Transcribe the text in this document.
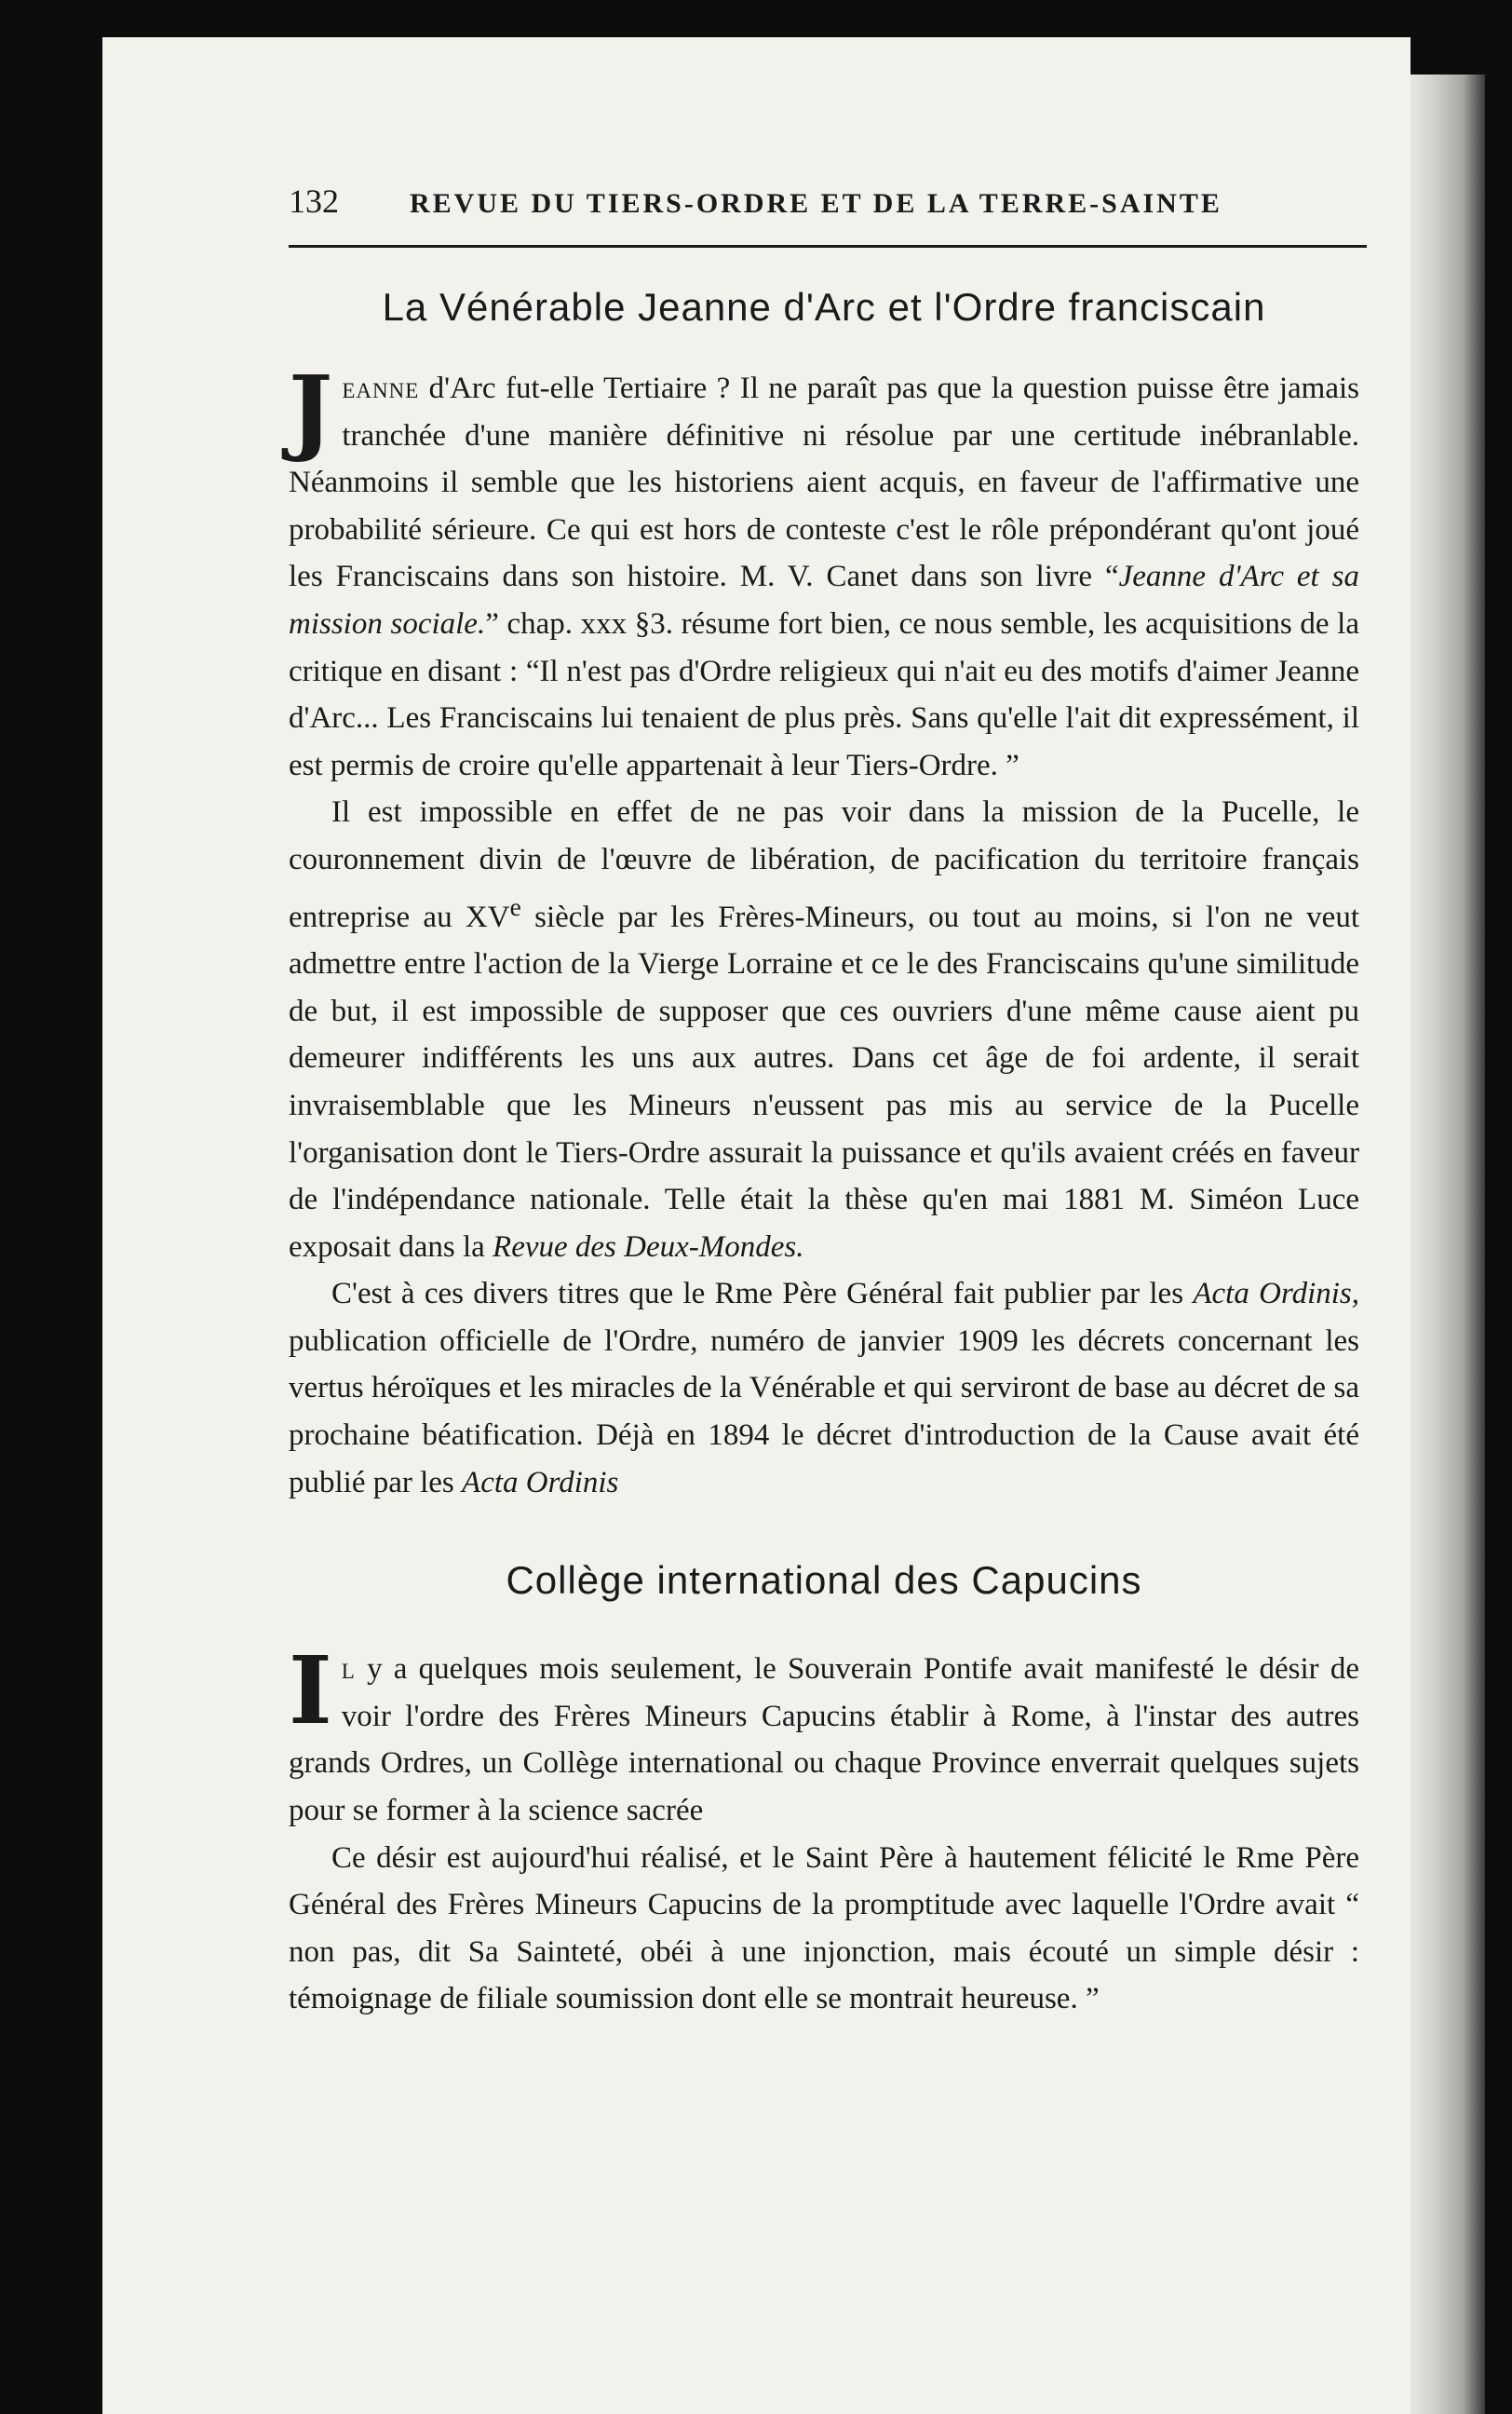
132	REVUE DU TIERS-ORDRE ET DE LA TERRE-SAINTE
La Vénérable Jeanne d'Arc et l'Ordre franciscain

Jeanne d'Arc fut-elle Tertiaire ? Il ne paraît pas que la question puisse être jamais tranchée d'une manière définitive ni résolue par une certitude inébranlable. Néanmoins il semble que les historiens aient acquis, en faveur de l'affirmative une probabilité sérieure. Ce qui est hors de conteste c'est le rôle prépondérant qu'ont joué les Franciscains dans son histoire. M. V. Canet dans son livre “Jeanne d'Arc et sa mission sociale.” chap. xxx §3. résume fort bien, ce nous semble, les acquisitions de la critique en disant : “Il n'est pas d'Ordre religieux qui n'ait eu des motifs d'aimer Jeanne d'Arc... Les Franciscains lui tenaient de plus près. Sans qu'elle l'ait dit expressément, il est permis de croire qu'elle appartenait à leur Tiers-Ordre. ”

Il est impossible en effet de ne pas voir dans la mission de la Pucelle, le couronnement divin de l'œuvre de libération, de pacification du territoire français entreprise au XVe siècle par les Frères-Mineurs, ou tout au moins, si l'on ne veut admettre entre l'action de la Vierge Lorraine et ce le des Franciscains qu'une similitude de but, il est impossible de supposer que ces ouvriers d'une même cause aient pu demeurer indifférents les uns aux autres. Dans cet âge de foi ardente, il serait invraisemblable que les Mineurs n'eussent pas mis au service de la Pucelle l'organisation dont le Tiers-Ordre assurait la puissance et qu'ils avaient créés en faveur de l'indépendance nationale. Telle était la thèse qu'en mai 1881 M. Siméon Luce exposait dans la Revue des Deux-Mondes.

C'est à ces divers titres que le Rme Père Général fait publier par les Acta Ordinis, publication officielle de l'Ordre, numéro de janvier 1909 les décrets concernant les vertus héroïques et les miracles de la Vénérable et qui serviront de base au décret de sa prochaine béatification. Déjà en 1894 le décret d'introduction de la Cause avait été publié par les Acta Ordinis

Collège international des Capucins

Il y a quelques mois seulement, le Souverain Pontife avait manifesté le désir de voir l'ordre des Frères Mineurs Capucins établir à Rome, à l'instar des autres grands Ordres, un Collège international ou chaque Province enverrait quelques sujets pour se former à la science sacrée

Ce désir est aujourd'hui réalisé, et le Saint Père à hautement félicité le Rme Père Général des Frères Mineurs Capucins de la promptitude avec laquelle l'Ordre avait “ non pas, dit Sa Sainteté, obéi à une injonction, mais écouté un simple désir : témoignage de filiale soumission dont elle se montrait heureuse. ”
